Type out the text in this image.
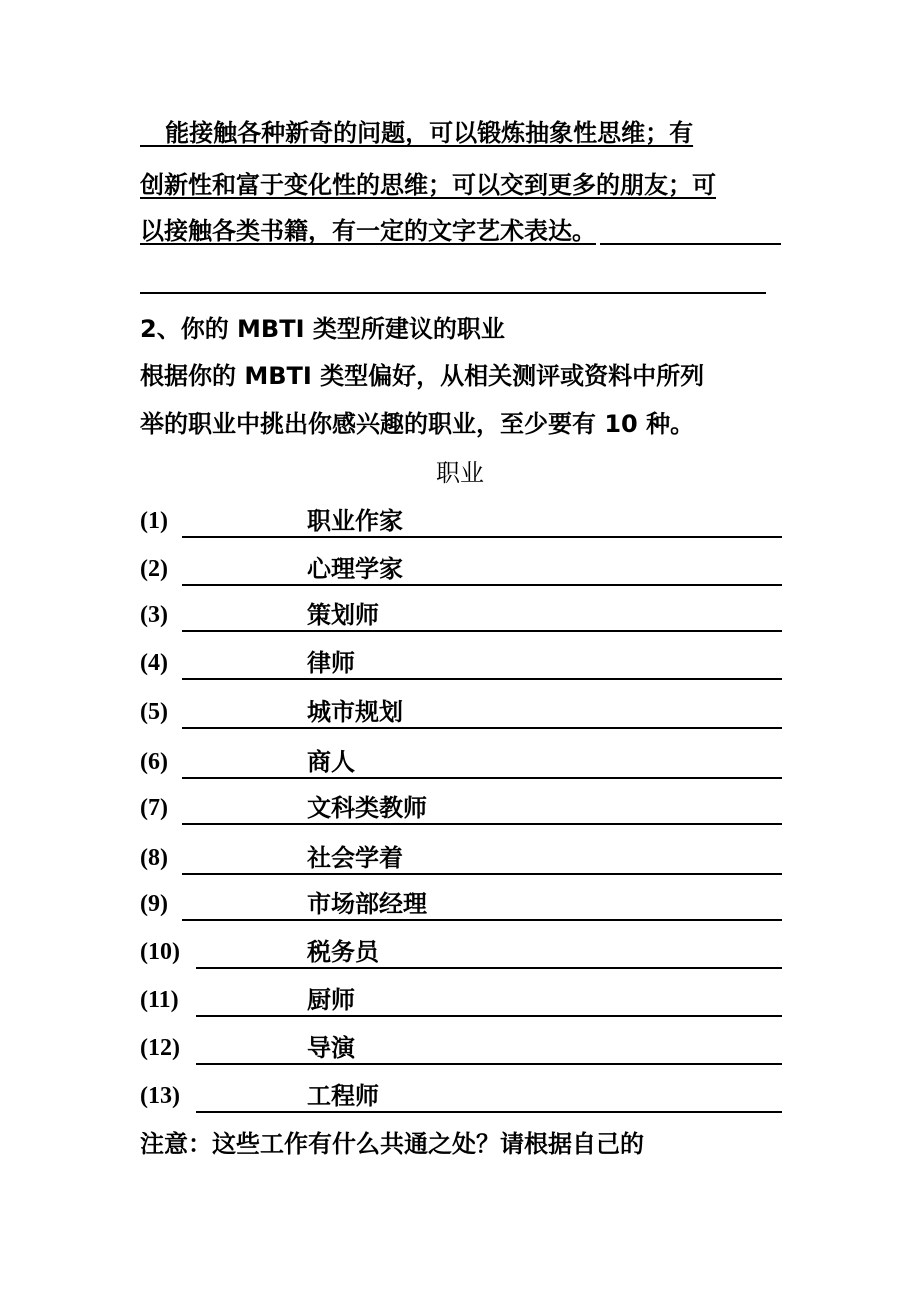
能接触各种新奇的问题，可以锻炼抽象性思维；有
创新性和富于变化性的思维；可以交到更多的朋友；可
以接触各类书籍，有一定的文字艺术表达。
2、你的 MBTI 类型所建议的职业
根据你的 MBTI 类型偏好，从相关测评或资料中所列
举的职业中挑出你感兴趣的职业，至少要有 10 种。
职业
(1)	职业作家
(2)	心理学家
(3)	策划师
(4)	律师
(5)	城市规划
(6)	商人
(7)	文科类教师
(8)	社会学着
(9)	市场部经理
(10)	税务员
(11)	厨师
(12)	导演
(13)	工程师
注意：这些工作有什么共通之处？请根据自己的
